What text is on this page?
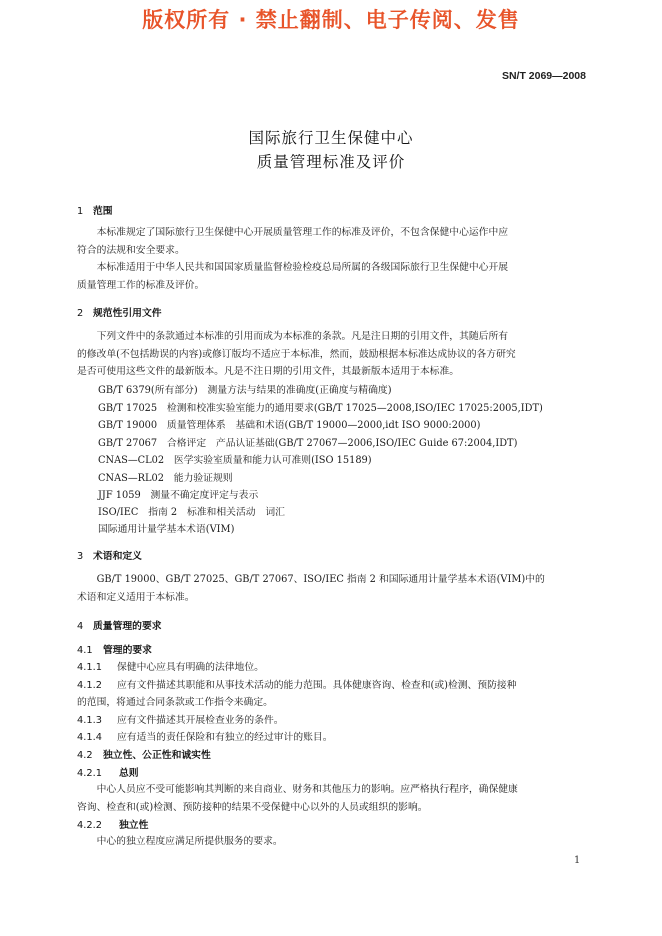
版权所有 · 禁止翻制、电子传阅、发售
SN/T 2069—2008
国际旅行卫生保健中心
质量管理标准及评价
1 范围
　　本标准规定了国际旅行卫生保健中心开展质量管理工作的标准及评价，不包含保健中心运作中应
符合的法规和安全要求。
　　本标准适用于中华人民共和国国家质量监督检验检疫总局所属的各级国际旅行卫生保健中心开展
质量管理工作的标准及评价。
2 规范性引用文件
　　下列文件中的条款通过本标准的引用而成为本标准的条款。凡是注日期的引用文件，其随后所有
的修改单(不包括勘误的内容)或修订版均不适应于本标准，然而，鼓励根据本标准达成协议的各方研究
是否可使用这些文件的最新版本。凡是不注日期的引用文件，其最新版本适用于本标准。
GB/T 6379(所有部分)　测量方法与结果的准确度(正确度与精确度)
GB/T 17025　检测和校准实验室能力的通用要求(GB/T 17025—2008,ISO/IEC 17025:2005,IDT)
GB/T 19000　质量管理体系　基础和术语(GB/T 19000—2000,idt ISO 9000:2000)
GB/T 27067　合格评定　产品认证基础(GB/T 27067—2006,ISO/IEC Guide 67:2004,IDT)
CNAS—CL02　医学实验室质量和能力认可准则(ISO 15189)
CNAS—RL02　能力验证规则
JJF 1059　测量不确定度评定与表示
ISO/IEC　指南 2　标准和相关活动　词汇
国际通用计量学基本术语(VIM)
3 术语和定义
　　GB/T 19000、GB/T 27025、GB/T 27067、ISO/IEC 指南 2 和国际通用计量学基本术语(VIM)中的
术语和定义适用于本标准。
4 质量管理的要求
4.1 管理的要求
4.1.1 保健中心应具有明确的法律地位。
4.1.2 应有文件描述其职能和从事技术活动的能力范围。具体健康咨询、检查和(或)检测、预防接种
的范围，将通过合同条款或工作指令来确定。
4.1.3 应有文件描述其开展检查业务的条件。
4.1.4 应有适当的责任保险和有独立的经过审计的账目。
4.2 独立性、公正性和诚实性
4.2.1 总则
　　中心人员应不受可能影响其判断的来自商业、财务和其他压力的影响。应严格执行程序，确保健康
咨询、检查和(或)检测、预防接种的结果不受保健中心以外的人员或组织的影响。
4.2.2 独立性
　　中心的独立程度应满足所提供服务的要求。
1
